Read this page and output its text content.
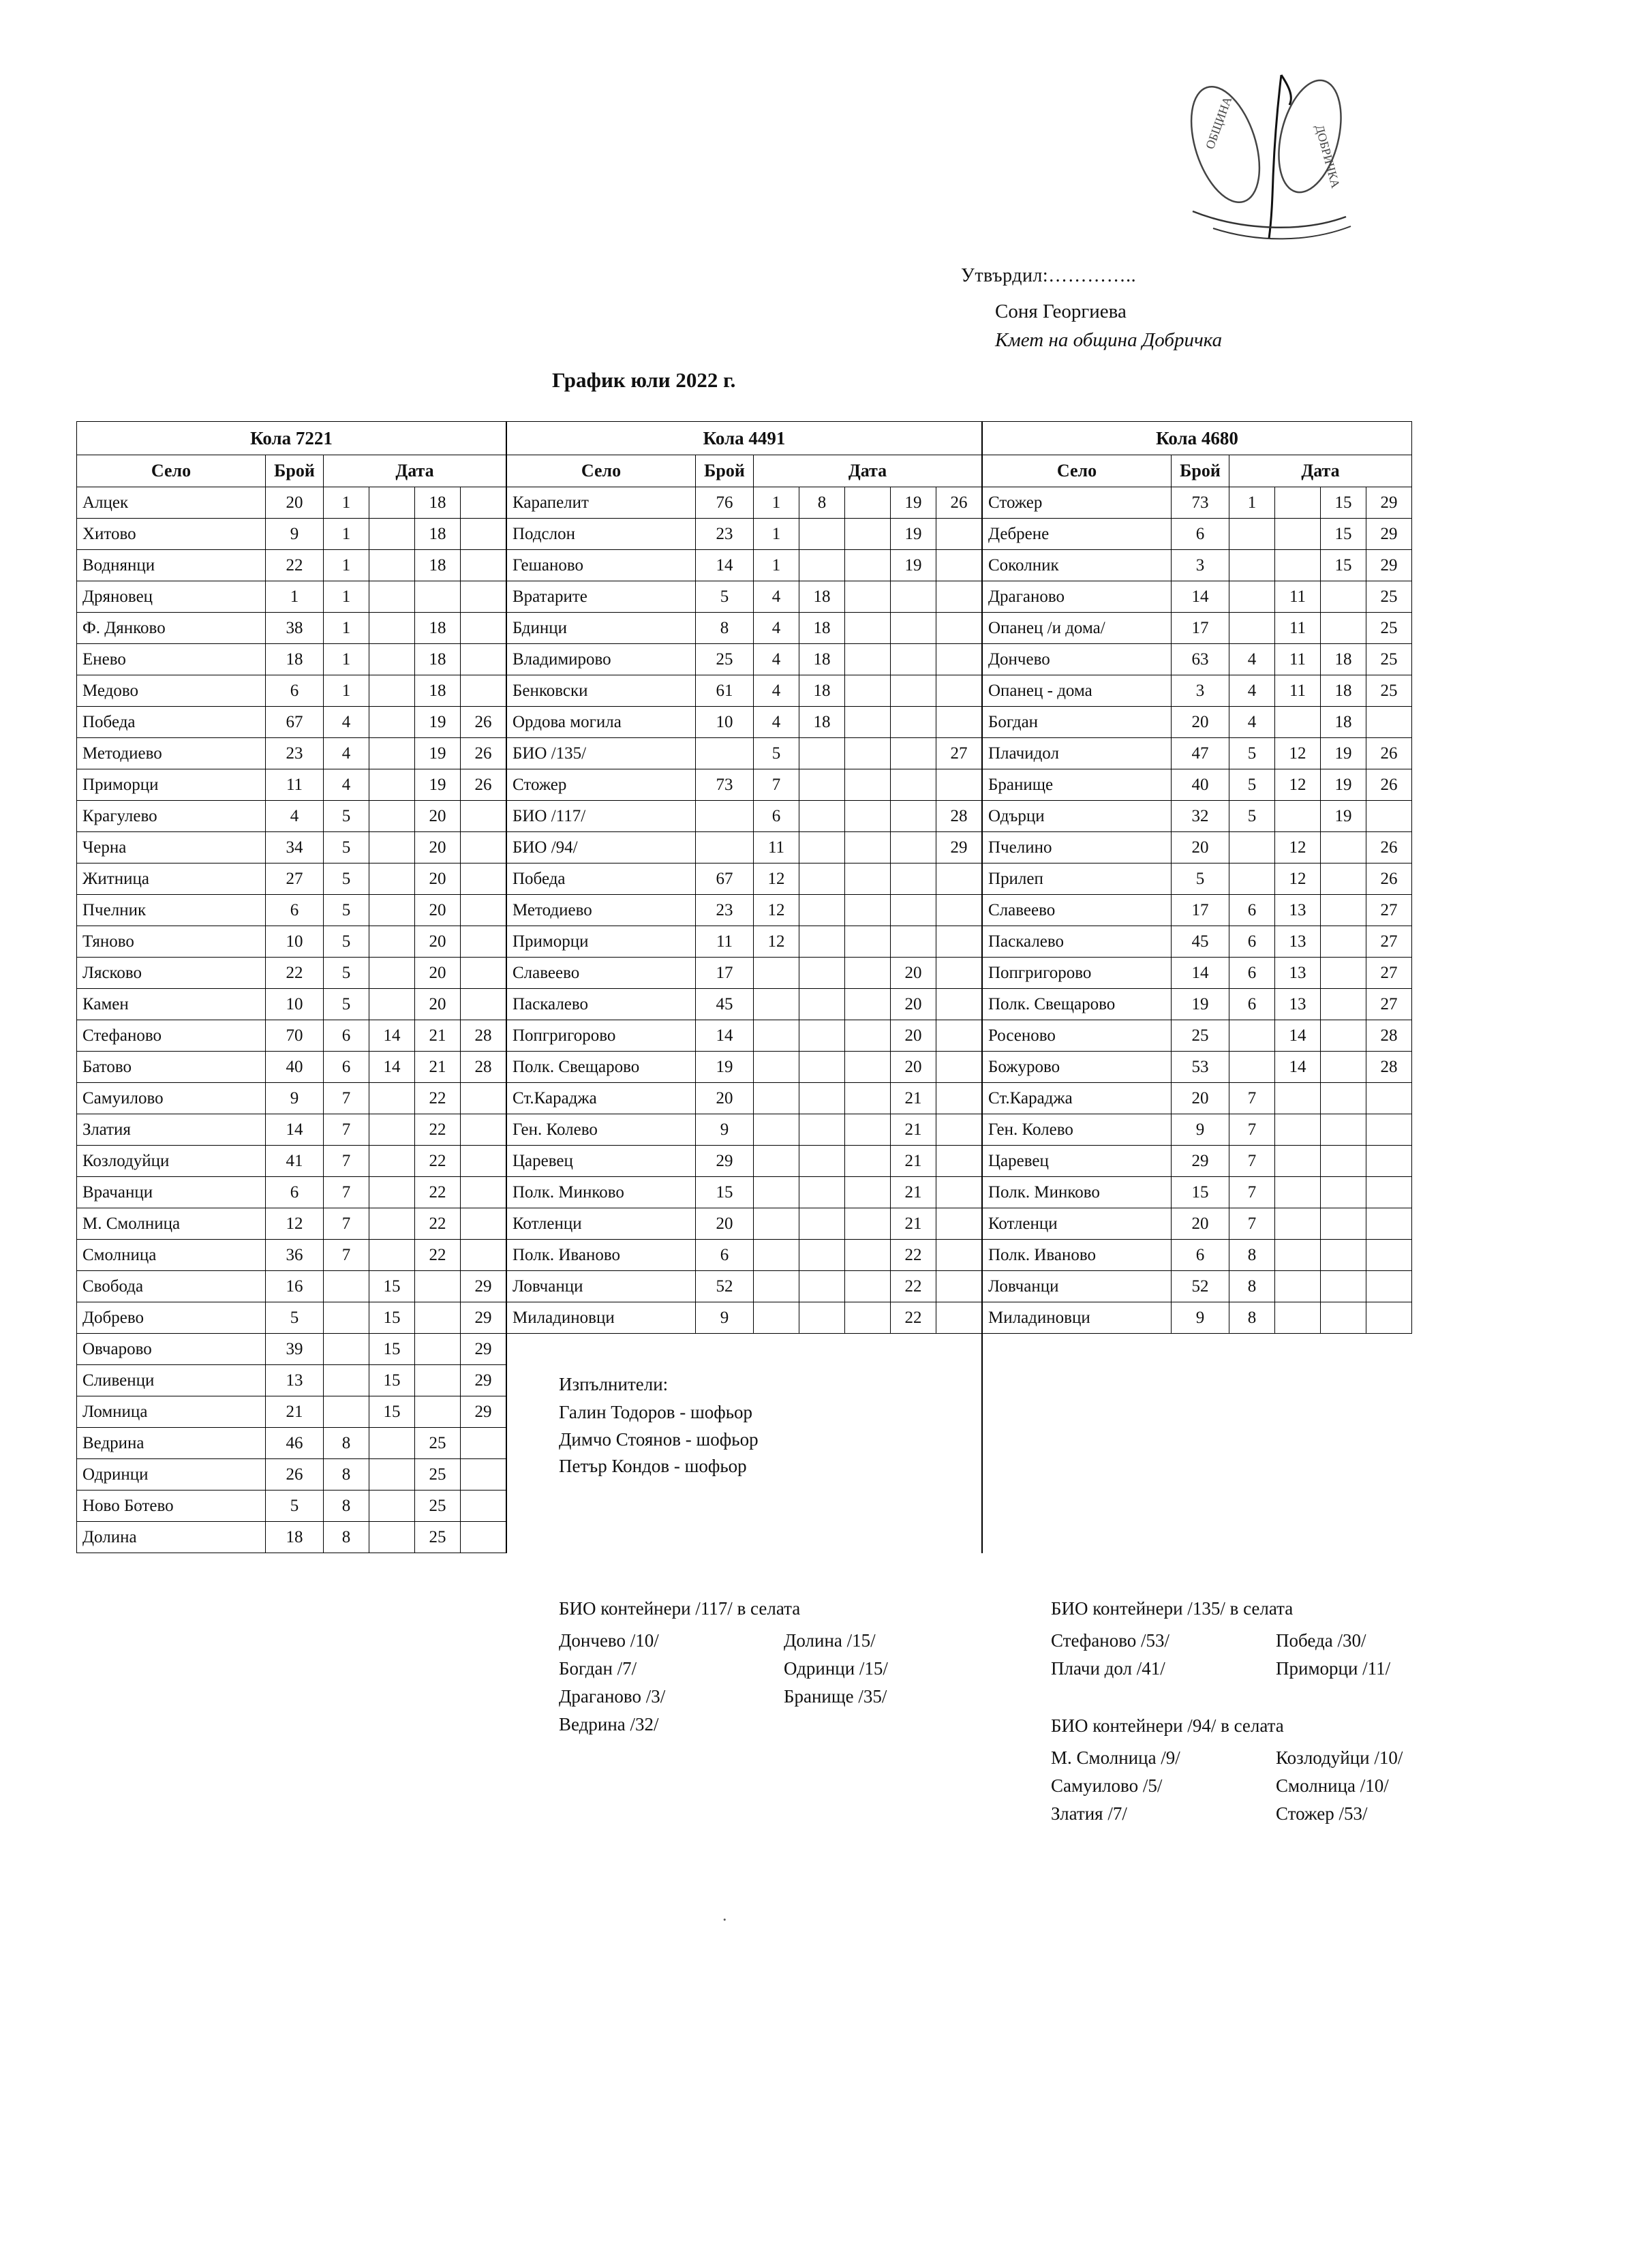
ОБЩИНА
ДОБРИЧКА
Утвърдил:…………..
Соня Георгиева
Кмет на община Добричка
График юли 2022 г.
Кола 7221						Кола 4491							Кола 4680					
Село	Брой	Дата				Село	Брой	Дата					Село	Брой	Дата			
Алцек	20	1		18		Карапелит	76	1	8		19	26	Стожер	73	1		15	29
Хитово	9	1		18		Подслон	23	1			19		Дебрене	6			15	29
Воднянци	22	1		18		Гешаново	14	1			19		Соколник	3			15	29
Дряновец	1	1				Вратарите	5	4	18				Драганово	14		11		25
Ф. Дянково	38	1		18		Бдинци	8	4	18				Опанец /и дома/	17		11		25
Енево	18	1		18		Владимирово	25	4	18				Дончево	63	4	11	18	25
Медово	6	1		18		Бенковски	61	4	18				Опанец - дома	3	4	11	18	25
Победа	67	4		19	26	Ордова могила	10	4	18				Богдан	20	4		18	
Методиево	23	4		19	26	БИО /135/		5				27	Плачидол	47	5	12	19	26
Приморци	11	4		19	26	Стожер	73	7					Бранище	40	5	12	19	26
Крагулево	4	5		20		БИО /117/		6				28	Одърци	32	5		19	
Черна	34	5		20		БИО /94/		11				29	Пчелино	20		12		26
Житница	27	5		20		Победа	67	12					Прилеп	5		12		26
Пчелник	6	5		20		Методиево	23	12					Славеево	17	6	13		27
Тяново	10	5		20		Приморци	11	12					Паскалево	45	6	13		27
Лясково	22	5		20		Славеево	17				20		Попгригорово	14	6	13		27
Камен	10	5		20		Паскалево	45				20		Полк. Свещарово	19	6	13		27
Стефаново	70	6	14	21	28	Попгригорово	14				20		Росеново	25		14		28
Батово	40	6	14	21	28	Полк. Свещарово	19				20		Божурово	53		14		28
Самуилово	9	7		22		Ст.Караджа	20				21		Ст.Караджа	20	7			
Златия	14	7		22		Ген. Колево	9				21		Ген. Колево	9	7			
Козлодуйци	41	7		22		Царевец	29				21		Царевец	29	7			
Врачанци	6	7		22		Полк. Минково	15				21		Полк. Минково	15	7			
М. Смолница	12	7		22		Котленци	20				21		Котленци	20	7			
Смолница	36	7		22		Полк. Иваново	6				22		Полк. Иваново	6	8			
Свобода	16		15		29	Ловчанци	52				22		Ловчанци	52	8			
Добрево	5		15		29	Миладиновци	9				22		Миладиновци	9	8			
Овчарово	39		15		29													
Сливенци	13		15		29													
Ломница	21		15		29													
Ведрина	46	8		25														
Одринци	26	8		25														
Ново Ботево	5	8		25														
Долина	18	8		25														
Изпълнители:
Галин Тодоров - шофьор
Димчо Стоянов - шофьор
Петър Кондов - шофьор
БИО контейнери /117/ в селата
Дончево /10/
Богдан /7/
Драганово /3/
Ведрина /32/
Долина /15/
Одринци /15/
Бранище /35/
БИО контейнери /135/ в селата
Стефаново /53/
Плачи дол /41/
Победа /30/
Приморци /11/
БИО контейнери /94/ в селата
М. Смолница /9/
Самуилово /5/
Златия /7/
Козлодуйци /10/
Смолница /10/
Стожер /53/
.
